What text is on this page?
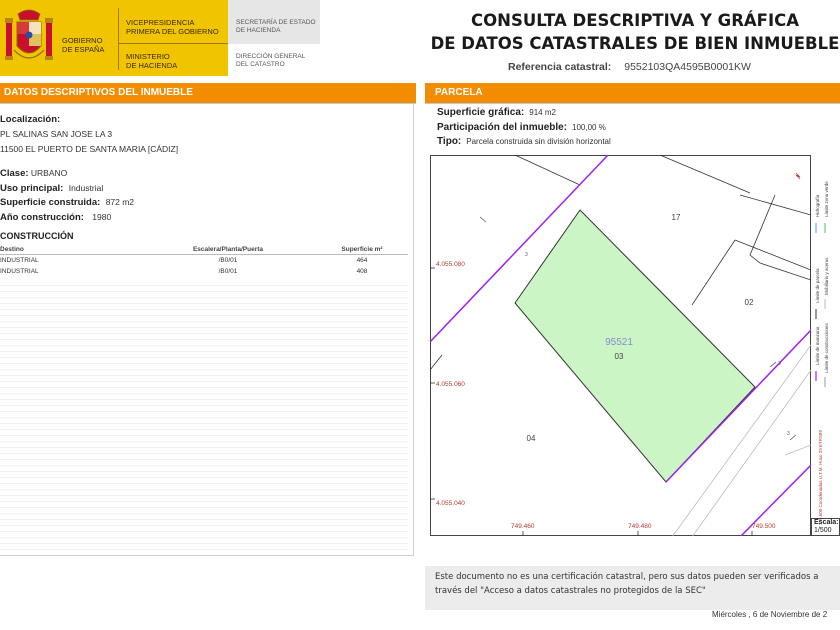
GOBIERNO
DE ESPAÑA
VICEPRESIDENCIA
PRIMERA DEL GOBIERNO
MINISTERIO
DE HACIENDA
SECRETARÍA DE ESTADO
DE HACIENDA
DIRECCIÓN GENERAL
DEL CATASTRO
CONSULTA DESCRIPTIVA Y GRÁFICA
DE DATOS CATASTRALES DE BIEN INMUEBLE
Referencia catastral: 9552103QA4595B0001KW
DATOS DESCRIPTIVOS DEL INMUEBLE
Localización:
PL SALINAS SAN JOSE LA 3
11500 EL PUERTO DE SANTA MARIA [CÁDIZ]
Clase: URBANO
Uso principal: Industrial
Superficie construida: 872 m2
Año construcción: 1980
CONSTRUCCIÓN
Destino	Escalera/Planta/Puerta	Superficie m²
INDUSTRIAL	/B0/01	464
INDUSTRIAL	/B0/01	408
PARCELA
Superficie gráfica: 914 m2
Participación del inmueble: 100,00 %
Tipo: Parcela construida sin división horizontal
95521
03
17
02
04
3
3
3
4.055.080
4.055.060
4.055.040
749.460	749.480	749.500
Límite de manzana
Límite de parcela
Hidrografía
Límite de construcciones
Mobiliario y aceras
Límite zona verde
749.500 Coordenadas U.T.M. Huso 29 ETRS89
Escala:
1/500
Este documento no es una certificación catastral, pero sus datos pueden ser verificados a través del "Acceso a datos catastrales no protegidos de la SEC"
Miércoles , 6 de Noviembre de 2
